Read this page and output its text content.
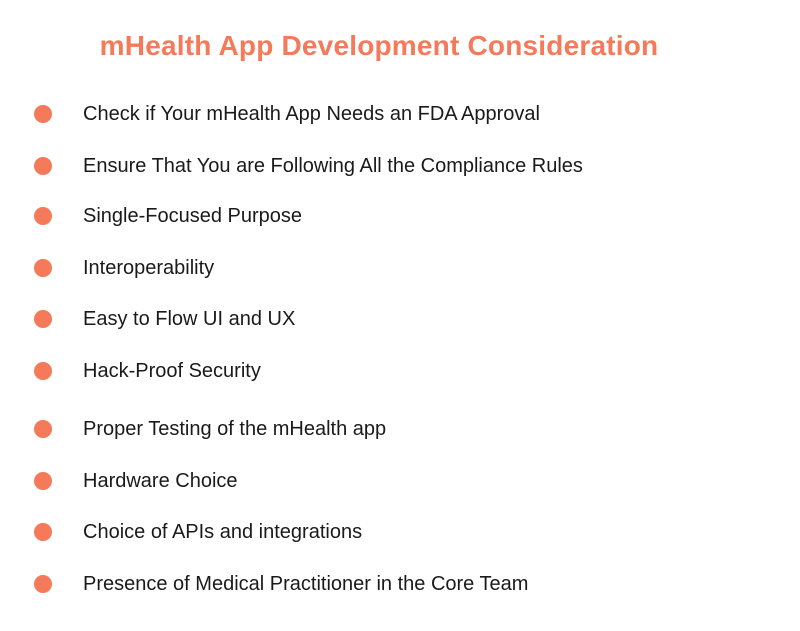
mHealth App Development Consideration
Check if Your mHealth App Needs an FDA Approval
Ensure That You are Following All the Compliance Rules
Single-Focused Purpose
Interoperability
Easy to Flow UI and UX
Hack-Proof Security
Proper Testing of the mHealth app
Hardware Choice
Choice of APIs and integrations
Presence of Medical Practitioner in the Core Team
